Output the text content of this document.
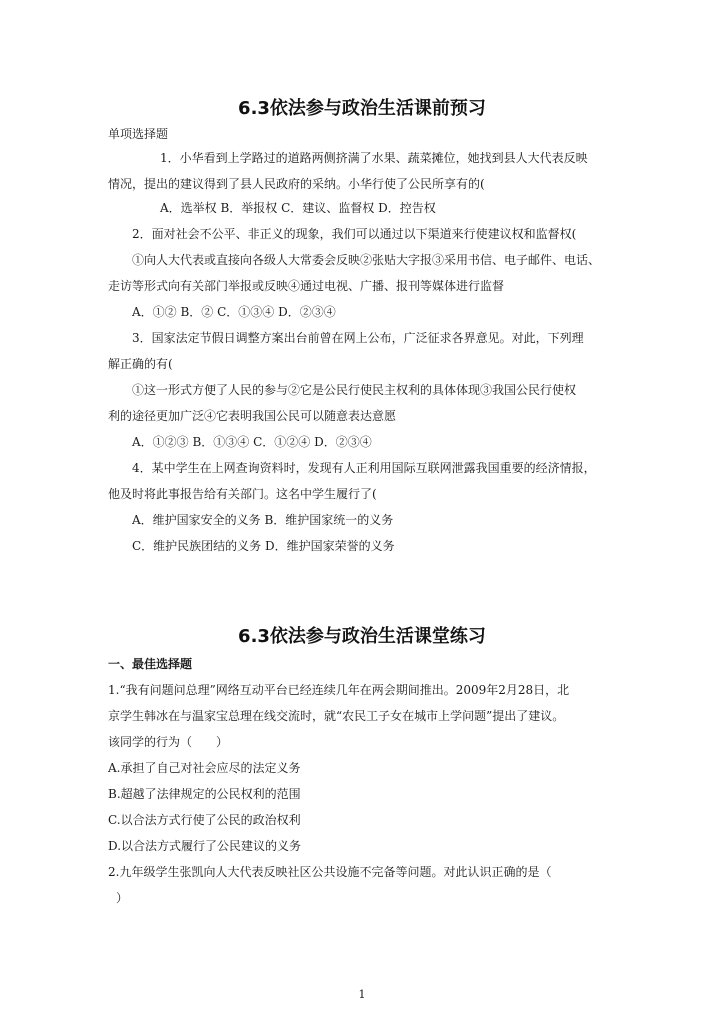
6.3依法参与政治生活课前预习
单项选择题
1．小华看到上学路过的道路两侧挤满了水果、蔬菜摊位，她找到县人大代表反映
情况，提出的建议得到了县人民政府的采纳。小华行使了公民所享有的(
A．选举权 B．举报权 C．建议、监督权 D．控告权
2．面对社会不公平、非正义的现象，我们可以通过以下渠道来行使建议权和监督权(
①向人大代表或直接向各级人大常委会反映②张贴大字报③采用书信、电子邮件、电话、
走访等形式向有关部门举报或反映④通过电视、广播、报刊等媒体进行监督
A．①② B．② C．①③④ D．②③④
3．国家法定节假日调整方案出台前曾在网上公布，广泛征求各界意见。对此，下列理
解正确的有(
①这一形式方便了人民的参与②它是公民行使民主权利的具体体现③我国公民行使权
利的途径更加广泛④它表明我国公民可以随意表达意愿
A．①②③ B．①③④ C．①②④ D．②③④
4．某中学生在上网查询资料时，发现有人正利用国际互联网泄露我国重要的经济情报，
他及时将此事报告给有关部门。这名中学生履行了(
A．维护国家安全的义务 B．维护国家统一的义务
C．维护民族团结的义务 D．维护国家荣誉的义务
6.3依法参与政治生活课堂练习
一、最佳选择题
1.“我有问题问总理”网络互动平台已经连续几年在两会期间推出。2009年2月28日，北
京学生韩冰在与温家宝总理在线交流时，就“农民工子女在城市上学问题”提出了建议。
该同学的行为（　　）
A.承担了自己对社会应尽的法定义务
B.超越了法律规定的公民权利的范围
C.以合法方式行使了公民的政治权利
D.以合法方式履行了公民建议的义务
2.九年级学生张凯向人大代表反映社区公共设施不完备等问题。对此认识正确的是（
）
1
